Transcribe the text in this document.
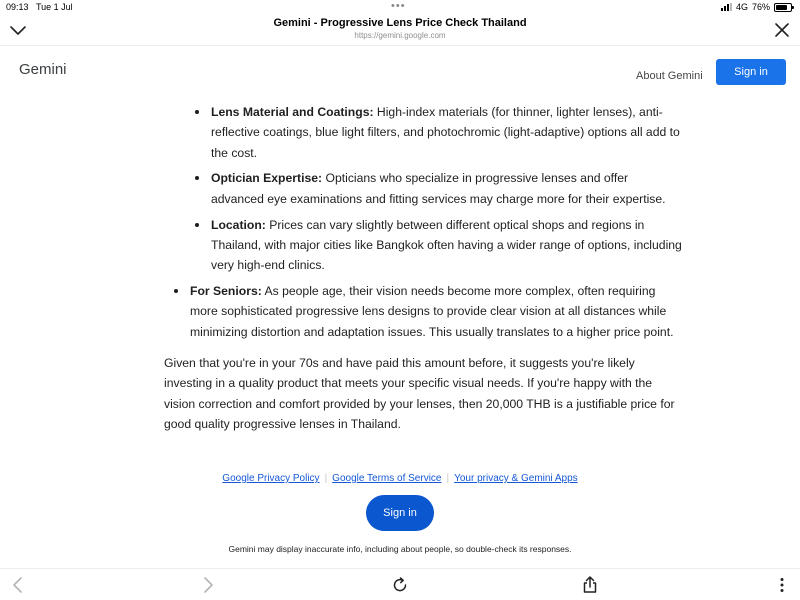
09:13 Tue 1 Jul	•••	4G 76%
Gemini - Progressive Lens Price Check Thailand
https://gemini.google.com
Gemini	About Gemini	Sign in
Lens Material and Coatings: High-index materials (for thinner, lighter lenses), anti-reflective coatings, blue light filters, and photochromic (light-adaptive) options all add to the cost.
Optician Expertise: Opticians who specialize in progressive lenses and offer advanced eye examinations and fitting services may charge more for their expertise.
Location: Prices can vary slightly between different optical shops and regions in Thailand, with major cities like Bangkok often having a wider range of options, including very high-end clinics.
For Seniors: As people age, their vision needs become more complex, often requiring more sophisticated progressive lens designs to provide clear vision at all distances while minimizing distortion and adaptation issues. This usually translates to a higher price point.

Given that you're in your 70s and have paid this amount before, it suggests you're likely investing in a quality product that meets your specific visual needs. If you're happy with the vision correction and comfort provided by your lenses, then 20,000 THB is a justifiable price for good quality progressive lenses in Thailand.

Google Privacy Policy | Google Terms of Service | Your privacy & Gemini Apps
Sign in
Gemini may display inaccurate info, including about people, so double-check its responses.
